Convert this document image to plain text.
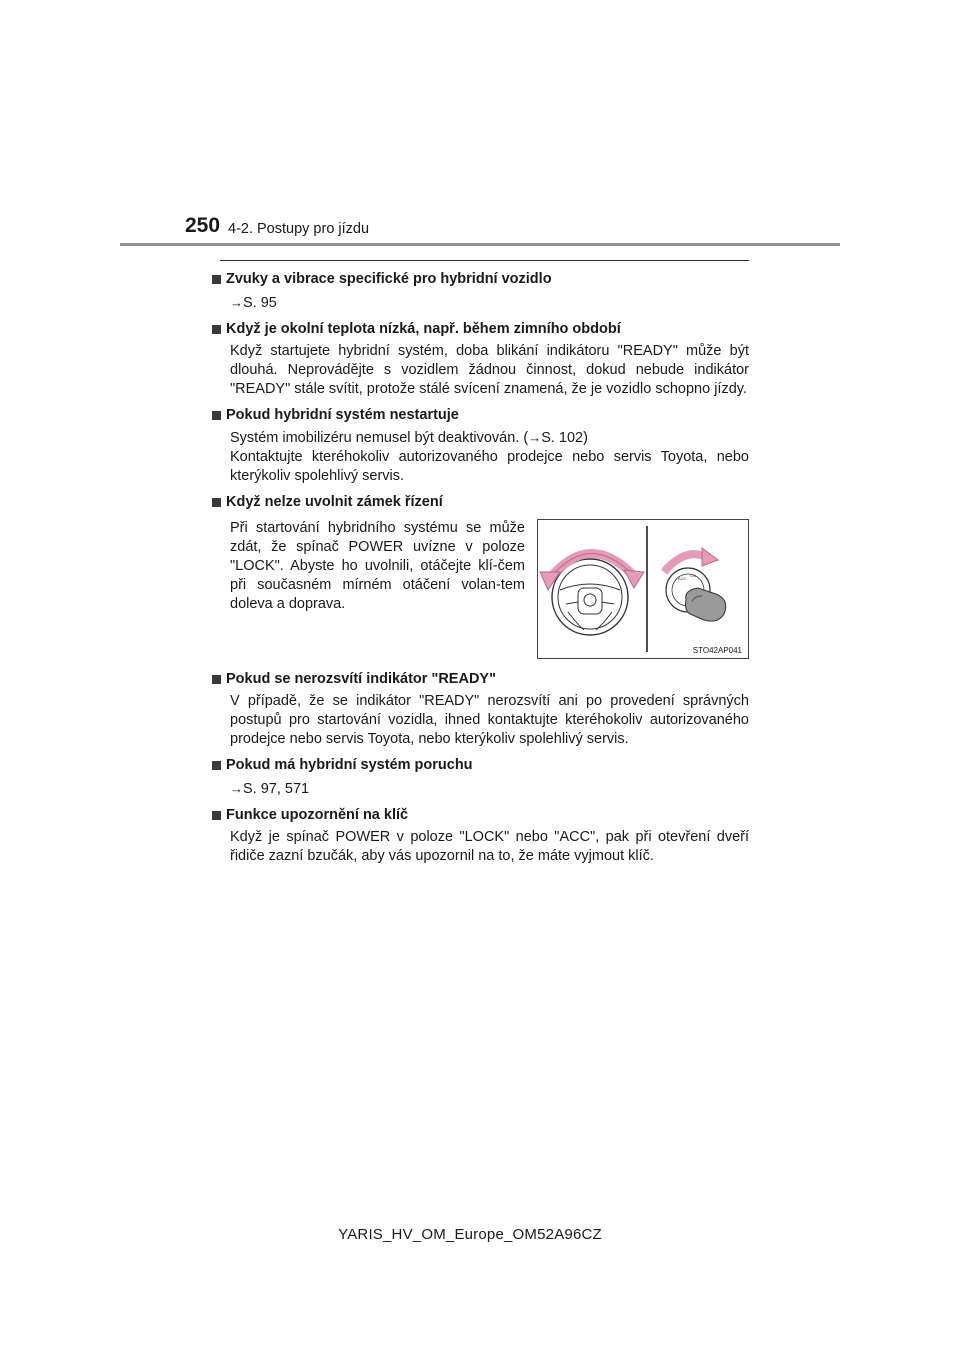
250 4-2. Postupy pro jízdu
Zvuky a vibrace specifické pro hybridní vozidlo
→S. 95
Když je okolní teplota nízká, např. během zimního období
Když startujete hybridní systém, doba blikání indikátoru "READY" může být dlouhá. Neprovádějte s vozidlem žádnou činnost, dokud nebude indikátor "READY" stále svítit, protože stálé svícení znamená, že je vozidlo schopno jízdy.
Pokud hybridní systém nestartuje
Systém imobilizéru nemusel být deaktivován. (→S. 102)
Kontaktujte kteréhokoliv autorizovaného prodejce nebo servis Toyota, nebo kterýkoliv spolehlivý servis.
Když nelze uvolnit zámek řízení
Při startování hybridního systému se může zdát, že spínač POWER uvízne v poloze "LOCK". Abyste ho uvolnili, otáčejte klí-čem při současném mírném otáčení volan-tem doleva a doprava.
ACC
ON
STO42AP041
Pokud se nerozsvítí indikátor "READY"
V případě, že se indikátor "READY" nerozsvítí ani po provedení správných postupů pro startování vozidla, ihned kontaktujte kteréhokoliv autorizovaného prodejce nebo servis Toyota, nebo kterýkoliv spolehlivý servis.
Pokud má hybridní systém poruchu
→S. 97, 571
Funkce upozornění na klíč
Když je spínač POWER v poloze "LOCK" nebo "ACC", pak při otevření dveří řidiče zazní bzučák, aby vás upozornil na to, že máte vyjmout klíč.
YARIS_HV_OM_Europe_OM52A96CZ
